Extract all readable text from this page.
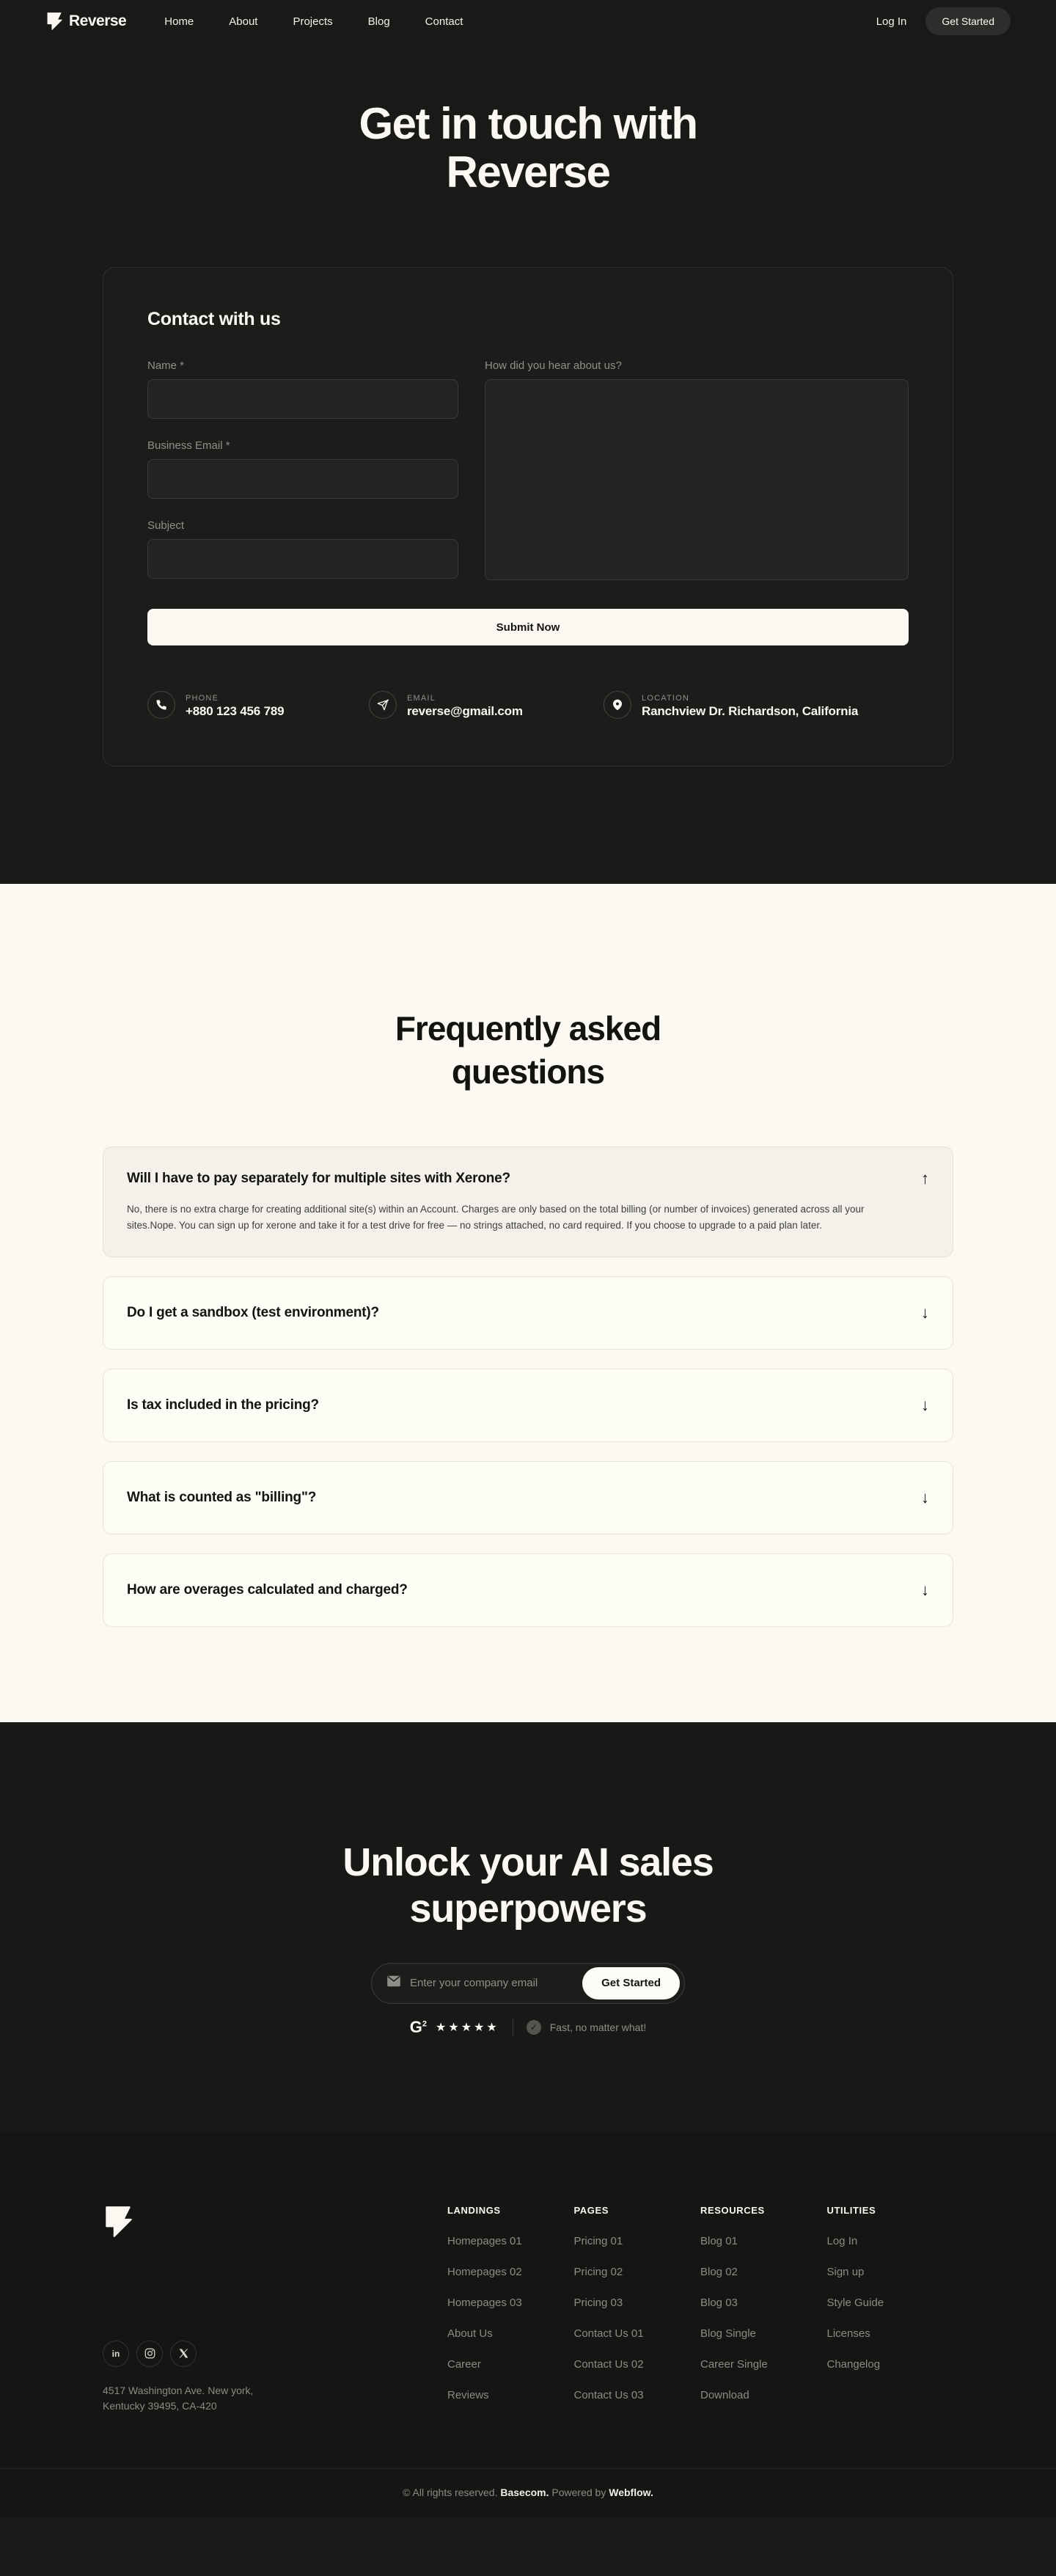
Reverse	Home	About	Projects	Blog	Contact	Log In	Get Started
Get in touch with
Reverse
Contact with us
Name *
Business Email *
Subject
How did you hear about us?
Submit Now
PHONE
+880 123 456 789
EMAIL
reverse@gmail.com
LOCATION
Ranchview Dr. Richardson, California
Frequently asked
questions
Will I have to pay separately for multiple sites with Xerone?	↑

No, there is no extra charge for creating additional site(s) within an Account. Charges are only based on the total billing (or number of invoices) generated across all your sites.Nope. You can sign up for xerone and take it for a test drive for free — no strings attached, no card required. If you choose to upgrade to a paid plan later.

Do I get a sandbox (test environment)?	↓
Is tax included in the pricing?	↓
What is counted as "billing"?	↓
How are overages calculated and charged?	↓
Unlock your AI sales
superpowers
Enter your company email
Get Started
$G^2$ ★★★★★	✓	Fast, no matter what!
in
4517 Washington Ave. New york,
Kentucky 39495, CA-420
LANDINGS
Homepages 01
Homepages 02
Homepages 03
About Us
Career
Reviews
PAGES
Pricing 01
Pricing 02
Pricing 03
Contact Us 01
Contact Us 02
Contact Us 03
RESOURCES
Blog 01
Blog 02
Blog 03
Blog Single
Career Single
Download
UTILITIES
Log In
Sign up
Style Guide
Licenses
Changelog
© All rights reserved. Basecom. Powered by Webflow.
